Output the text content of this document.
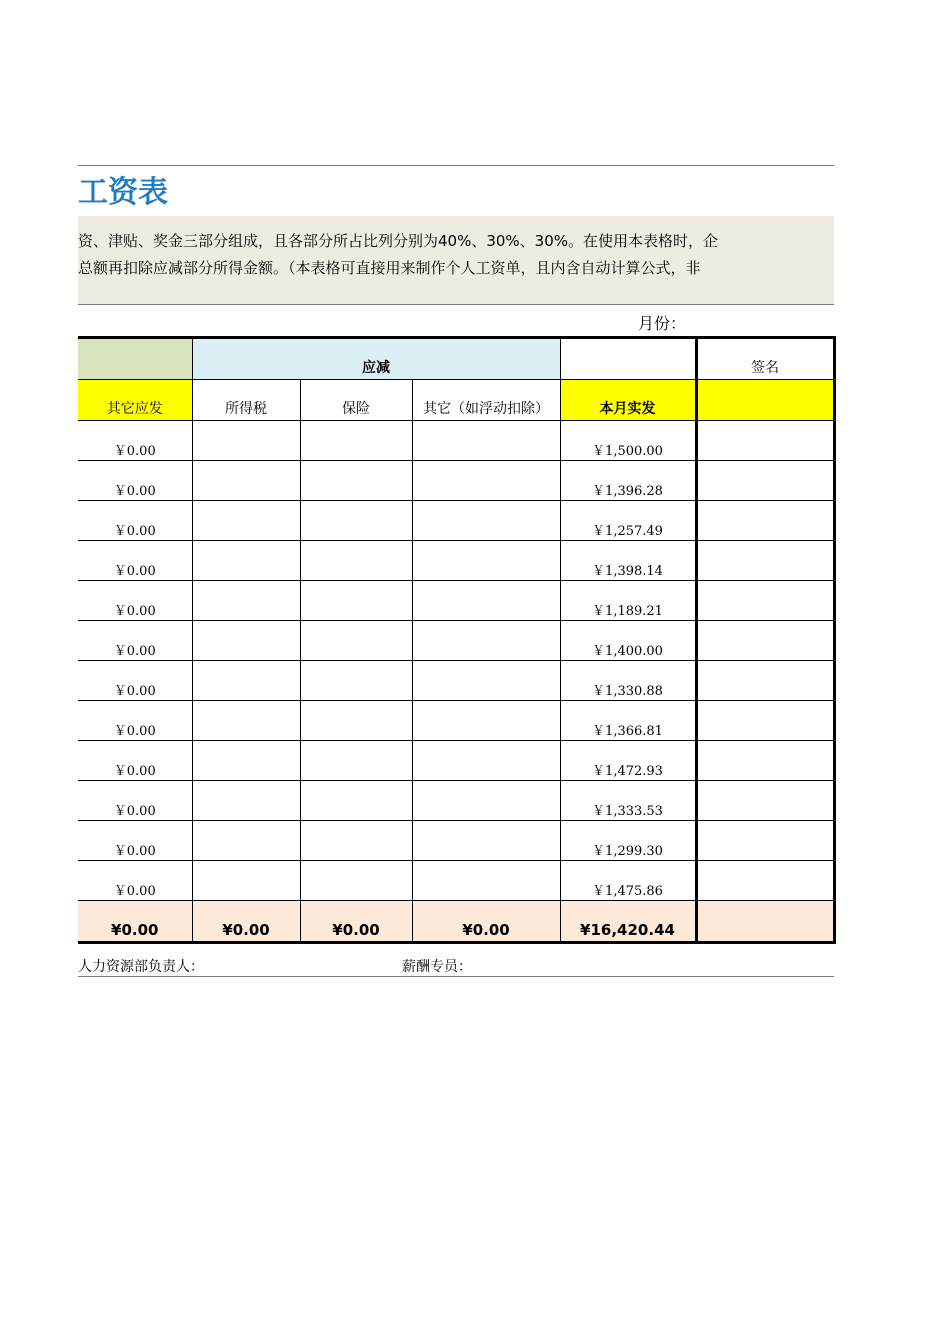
工资表

资、津贴、奖金三部分组成，且各部分所占比列分别为40%、30%、30%。在使用本表格时，企

总额再扣除应减部分所得金额。（本表格可直接用来制作个人工资单，且内含自动计算公式，非

月份：
	应减				签名
其它应发	所得税	保险	其它（如浮动扣除）	本月实发	
￥0.00				￥1,500.00	
￥0.00				￥1,396.28	
￥0.00				￥1,257.49	
￥0.00				￥1,398.14	
￥0.00				￥1,189.21	
￥0.00				￥1,400.00	
￥0.00				￥1,330.88	
￥0.00				￥1,366.81	
￥0.00				￥1,472.93	
￥0.00				￥1,333.53	
￥0.00				￥1,299.30	
￥0.00				￥1,475.86	
¥0.00	¥0.00	¥0.00	¥0.00	¥16,420.44	
人力资源部负责人：	薪酬专员：
